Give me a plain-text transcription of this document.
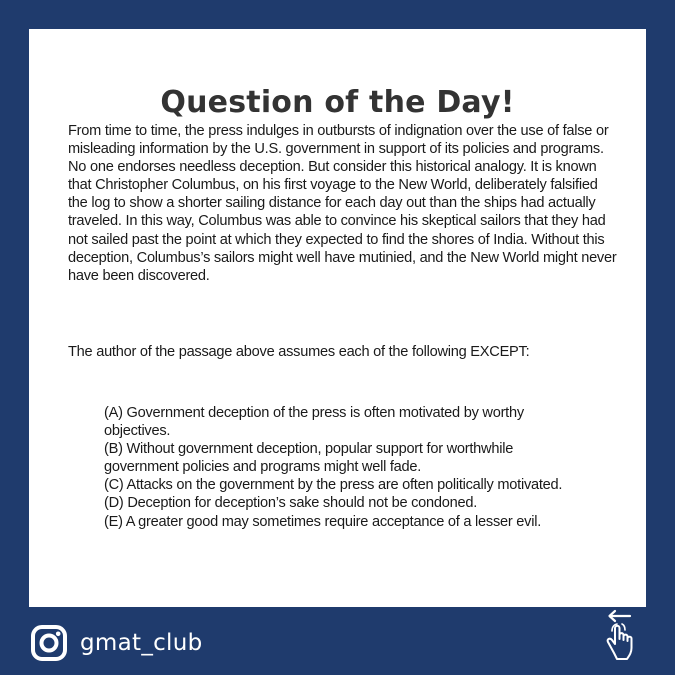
Question of the Day!

From time to time, the press indulges in outbursts of indignation over the use of false or misleading information by the U.S. government in support of its policies and programs. No one endorses needless deception. But consider this historical analogy. It is known that Christopher Columbus, on his first voyage to the New World, deliberately falsified the log to show a shorter sailing distance for each day out than the ships had actually traveled. In this way, Columbus was able to convince his skeptical sailors that they had not sailed past the point at which they expected to find the shores of India. Without this deception, Columbus’s sailors might well have mutinied, and the New World might never have been discovered.

The author of the passage above assumes each of the following EXCEPT:

(A) Government deception of the press is often motivated by worthy objectives.
(B) Without government deception, popular support for worthwhile government policies and programs might well fade.
(C) Attacks on the government by the press are often politically motivated.
(D) Deception for deception’s sake should not be condoned.
(E) A greater good may sometimes require acceptance of a lesser evil.
gmat_club
